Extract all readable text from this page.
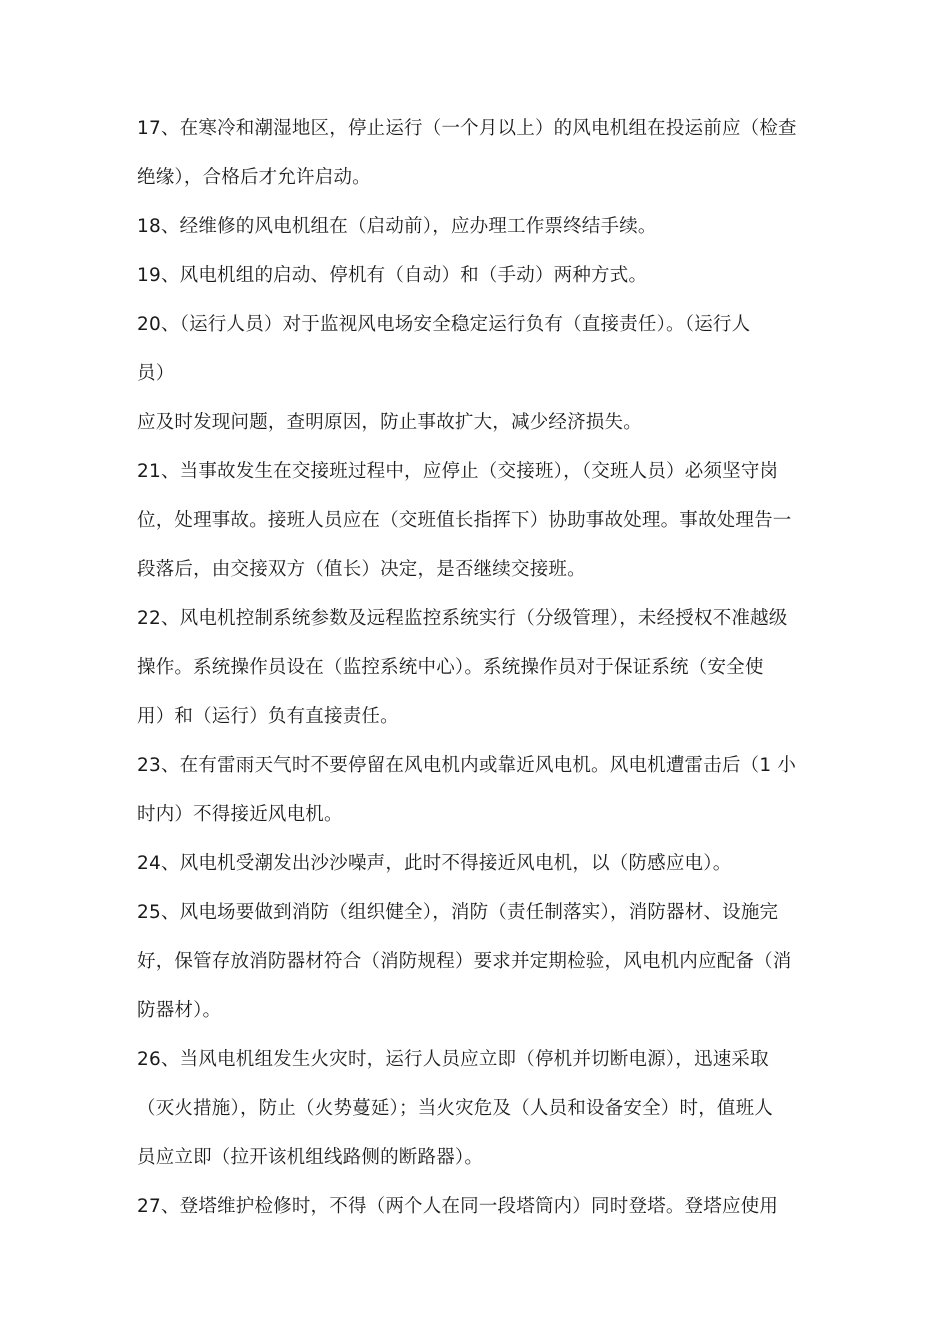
17、在寒冷和潮湿地区，停止运行（一个月以上）的风电机组在投运前应（检查
绝缘），合格后才允许启动。
18、经维修的风电机组在（启动前），应办理工作票终结手续。
19、风电机组的启动、停机有（自动）和（手动）两种方式。
20、（运行人员）对于监视风电场安全稳定运行负有（直接责任）。（运行人
员）
应及时发现问题，查明原因，防止事故扩大，减少经济损失。
21、当事故发生在交接班过程中，应停止（交接班），（交班人员）必须坚守岗
位，处理事故。接班人员应在（交班值长指挥下）协助事故处理。事故处理告一
段落后，由交接双方（值长）决定，是否继续交接班。
22、风电机控制系统参数及远程监控系统实行（分级管理），未经授权不准越级
操作。系统操作员设在（监控系统中心）。系统操作员对于保证系统（安全使
用）和（运行）负有直接责任。
23、在有雷雨天气时不要停留在风电机内或靠近风电机。风电机遭雷击后（1 小
时内）不得接近风电机。
24、风电机受潮发出沙沙噪声，此时不得接近风电机，以（防感应电）。
25、风电场要做到消防（组织健全），消防（责任制落实），消防器材、设施完
好，保管存放消防器材符合（消防规程）要求并定期检验，风电机内应配备（消
防器材）。
26、当风电机组发生火灾时，运行人员应立即（停机并切断电源），迅速采取
（灭火措施），防止（火势蔓延）；当火灾危及（人员和设备安全）时，值班人
员应立即（拉开该机组线路侧的断路器）。
27、登塔维护检修时，不得（两个人在同一段塔筒内）同时登塔。登塔应使用
